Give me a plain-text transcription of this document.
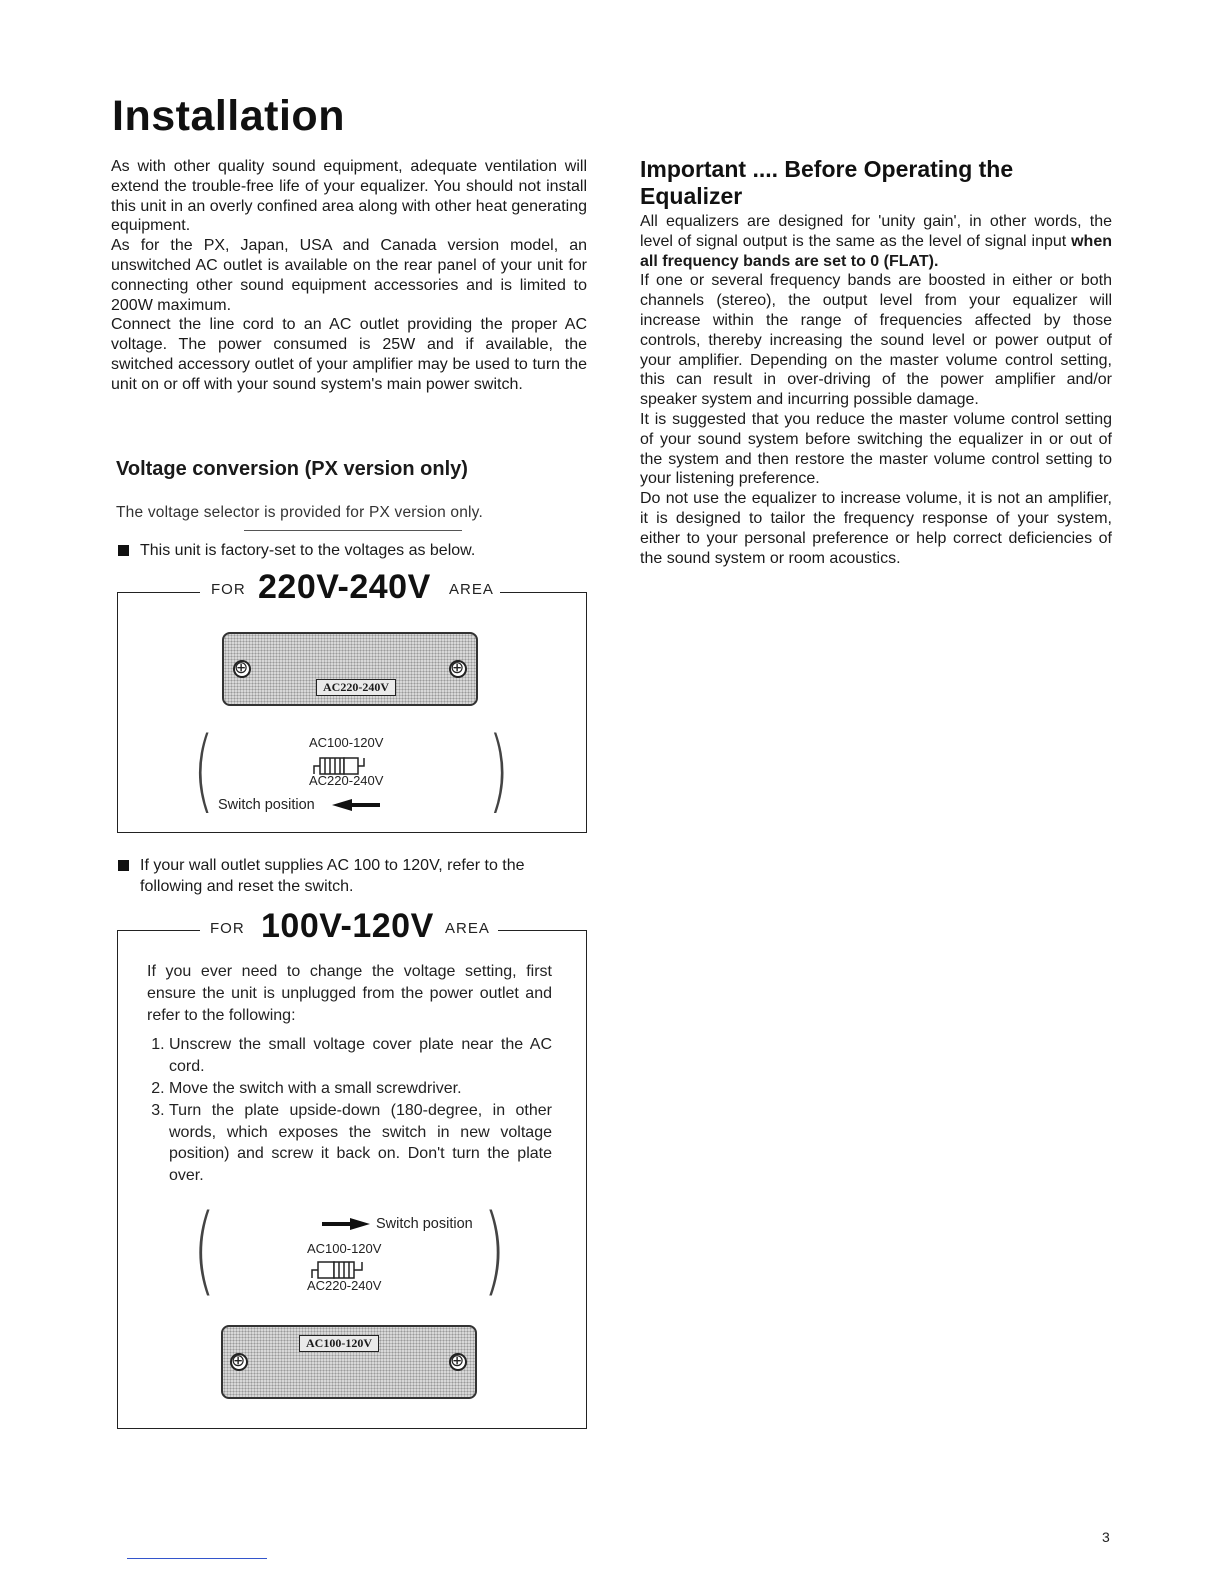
Installation

As with other quality sound equipment, adequate ventilation will extend the trouble-free life of your equalizer. You should not install this unit in an overly confined area along with other heat generating equipment.

As for the PX, Japan, USA and Canada version model, an unswitched AC outlet is available on the rear panel of your unit for connecting other sound equipment accessories and is limited to 200W maximum.

Connect the line cord to an AC outlet providing the proper AC voltage. The power consumed is 25W and if available, the switched accessory outlet of your amplifier may be used to turn the unit on or off with your sound system's main power switch.

Voltage conversion (PX version only)
The voltage selector is provided for PX version only.
This unit is factory-set to the voltages as below.
FOR 220V-240V AREA
⊕
⊕
AC220-240V
(	)
AC100-120V
AC220-240V
Switch position
If your wall outlet supplies AC 100 to 120V, refer to the
following and reset the switch.
FOR 100V-120V AREA

If you ever need to change the voltage setting, first ensure the unit is unplugged from the power outlet and refer to the following:

1. Unscrew the small voltage cover plate near the AC cord.
2. Move the switch with a small screwdriver.
3. Turn the plate upside-down (180-degree, in other words, which exposes the switch in new voltage position) and screw it back on. Don't turn the plate over.
(	)
Switch position
AC100-120V
AC220-240V
AC100-120V
⊕
⊕
Important .... Before Operating the Equalizer

All equalizers are designed for 'unity gain', in other words, the level of signal output is the same as the level of signal input when all frequency bands are set to 0 (FLAT).

If one or several frequency bands are boosted in either or both channels (stereo), the output level from your equalizer will increase within the range of frequencies affected by those controls, thereby increasing the sound level or power output of your amplifier. Depending on the master volume control setting, this can result in over-driving of the power amplifier and/or speaker system and incurring possible damage.

It is suggested that you reduce the master volume control setting of your sound system before switching the equalizer in or out of the system and then restore the master volume control setting to your listening preference.

Do not use the equalizer to increase volume, it is not an amplifier, it is designed to tailor the frequency response of your system, either to your personal preference or help correct deficiencies of the sound system or room acoustics.

3
